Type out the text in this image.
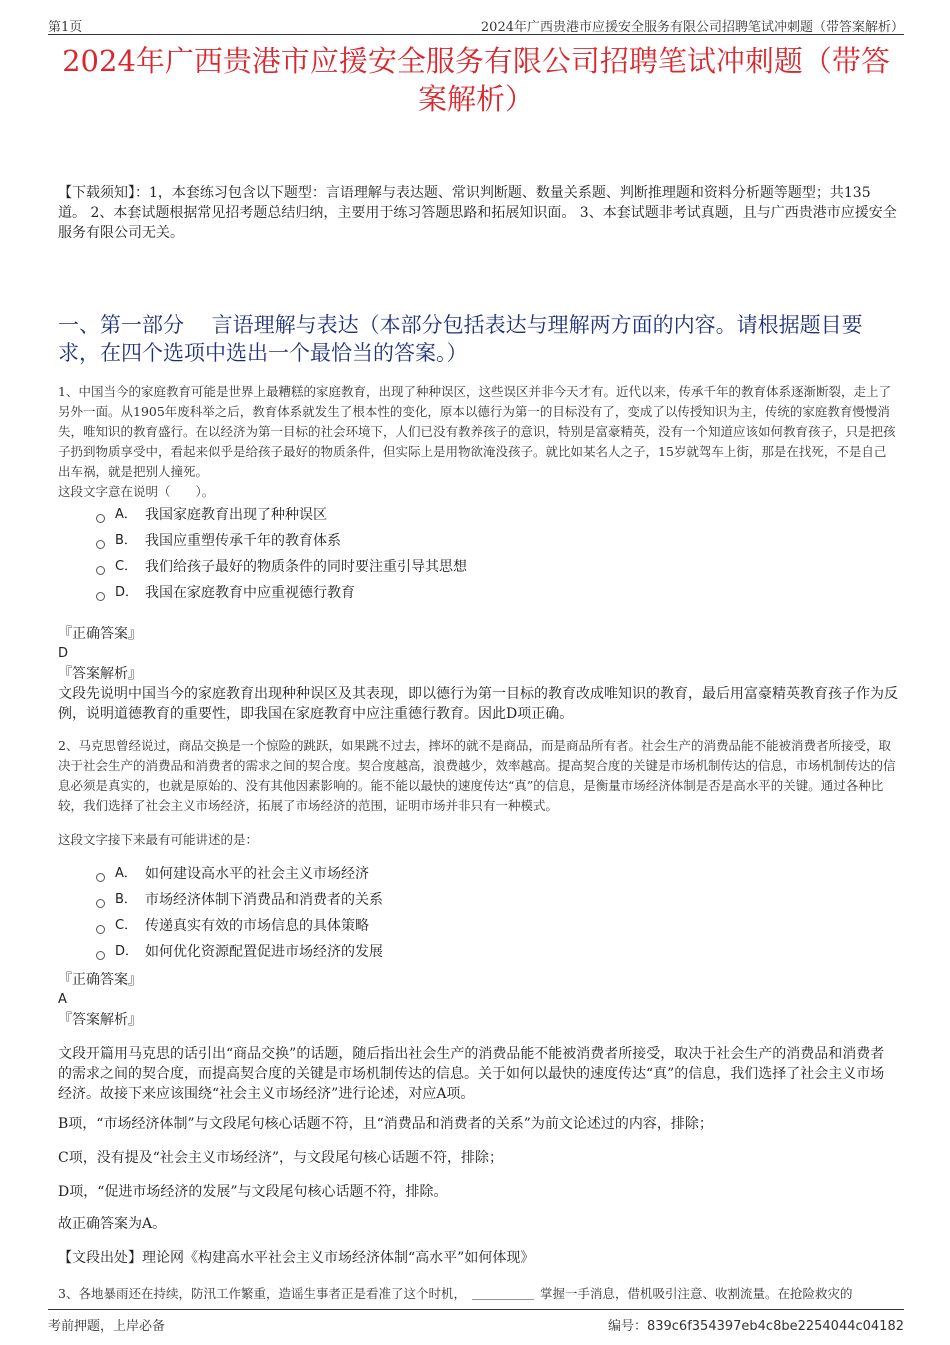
第1页	2024年广西贵港市应援安全服务有限公司招聘笔试冲刺题（带答案解析）
2024年广西贵港市应援安全服务有限公司招聘笔试冲刺题（带答案解析）
【下载须知】：1，本套练习包含以下题型：言语理解与表达题、常识判断题、数量关系题、判断推理题和资料分析题等题型；共135道。 2、本套试题根据常见招考题总结归纳，主要用于练习答题思路和拓展知识面。 3、本套试题非考试真题，且与广西贵港市应援安全服务有限公司无关。
一、第一部分　 言语理解与表达（本部分包括表达与理解两方面的内容。请根据题目要求，在四个选项中选出一个最恰当的答案。）
1、中国当今的家庭教育可能是世界上最糟糕的家庭教育，出现了种种误区，这些误区并非今天才有。近代以来，传承千年的教育体系逐渐断裂，走上了另外一面。从1905年废科举之后，教育体系就发生了根本性的变化，原本以德行为第一的目标没有了，变成了以传授知识为主，传统的家庭教育慢慢消失，唯知识的教育盛行。在以经济为第一目标的社会环境下，人们已没有教养孩子的意识，特别是富豪精英，没有一个知道应该如何教育孩子，只是把孩子扔到物质享受中，看起来似乎是给孩子最好的物质条件，但实际上是用物欲淹没孩子。就比如某名人之子，15岁就驾车上街，那是在找死，不是自己出车祸，就是把别人撞死。
这段文字意在说明（　　）。
A． 我国家庭教育出现了种种误区
B． 我国应重塑传承千年的教育体系
C． 我们给孩子最好的物质条件的同时要注重引导其思想
D． 我国在家庭教育中应重视德行教育
『正确答案』
D
『答案解析』
文段先说明中国当今的家庭教育出现种种误区及其表现，即以德行为第一目标的教育改成唯知识的教育，最后用富豪精英教育孩子作为反例，说明道德教育的重要性，即我国在家庭教育中应注重德行教育。因此D项正确。
2、马克思曾经说过，商品交换是一个惊险的跳跃，如果跳不过去，摔坏的就不是商品，而是商品所有者。社会生产的消费品能不能被消费者所接受，取决于社会生产的消费品和消费者的需求之间的契合度。契合度越高，浪费越少，效率越高。提高契合度的关键是市场机制传达的信息，市场机制传达的信息必须是真实的，也就是原始的、没有其他因素影响的。能不能以最快的速度传达“真”的信息，是衡量市场经济体制是否是高水平的关键。通过各种比较，我们选择了社会主义市场经济，拓展了市场经济的范围，证明市场并非只有一种模式。
这段文字接下来最有可能讲述的是：
A． 如何建设高水平的社会主义市场经济
B． 市场经济体制下消费品和消费者的关系
C． 传递真实有效的市场信息的具体策略
D． 如何优化资源配置促进市场经济的发展
『正确答案』
A
『答案解析』
文段开篇用马克思的话引出“商品交换”的话题，随后指出社会生产的消费品能不能被消费者所接受，取决于社会生产的消费品和消费者的需求之间的契合度，而提高契合度的关键是市场机制传达的信息。关于如何以最快的速度传达“真”的信息，我们选择了社会主义市场经济。故接下来应该围绕“社会主义市场经济”进行论述，对应A项。
B项，“市场经济体制”与文段尾句核心话题不符，且“消费品和消费者的关系”为前文论述过的内容，排除；
C项，没有提及“社会主义市场经济”，与文段尾句核心话题不符，排除；
D项，“促进市场经济的发展”与文段尾句核心话题不符，排除。
故正确答案为A。
【文段出处】理论网《构建高水平社会主义市场经济体制“高水平”如何体现》
3、各地暴雨还在持续，防汛工作繁重，造谣生事者正是看准了这个时机，	掌握一手消息，借机吸引注意、收割流量。在抢险救灾的
考前押题，上岸必备	编号：839c6f354397eb4c8be2254044c04182
